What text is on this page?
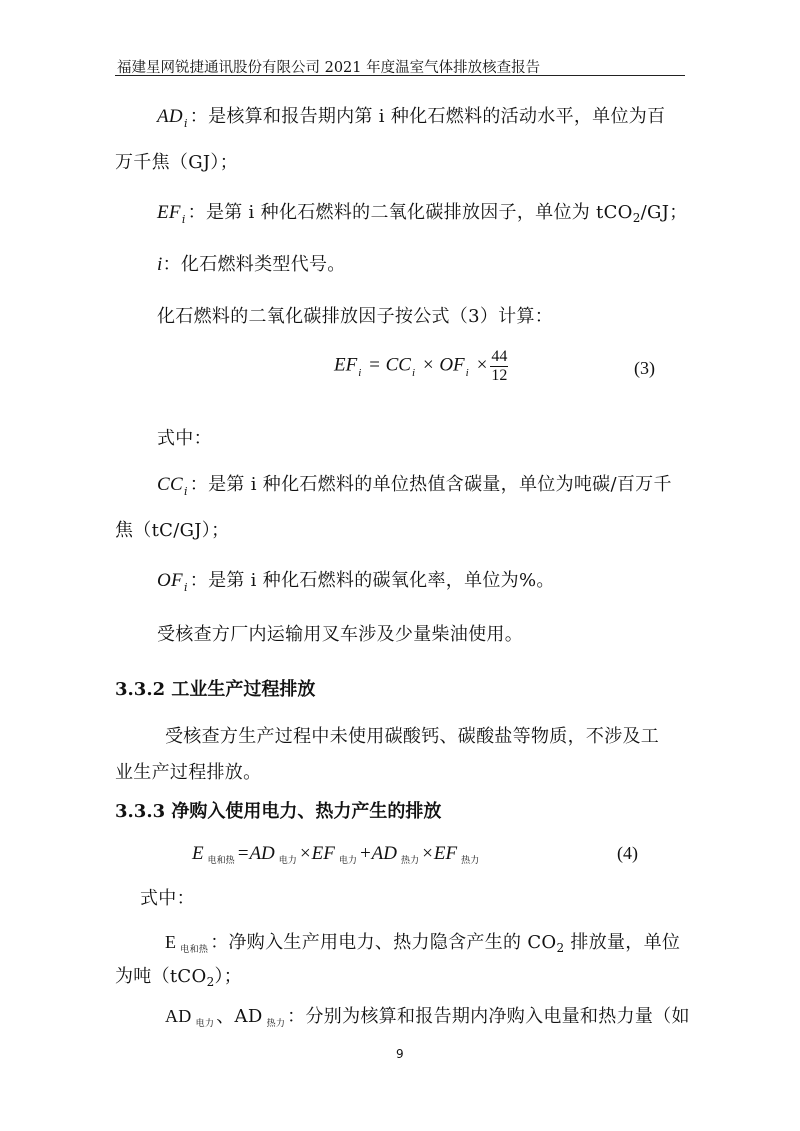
福建星网锐捷通讯股份有限公司 2021 年度温室气体排放核查报告
$AD_i$ ：是核算和报告期内第 i 种化石燃料的活动水平，单位为百
万千焦（GJ）；
$EF_i$ ：是第 i 种化石燃料的二氧化碳排放因子，单位为 tCO$_2$/GJ；
i：化石燃料类型代号。
化石燃料的二氧化碳排放因子按公式（3）计算：
$EF_i = CC_i \times OF_i \times \frac{44}{12}$	(3)
式中：
$CC_i$ ：是第 i 种化石燃料的单位热值含碳量，单位为吨碳/百万千
焦（tC/GJ）；
$OF_i$ ：是第 i 种化石燃料的碳氧化率，单位为%。
受核查方厂内运输用叉车涉及少量柴油使用。
3.3.2 工业生产过程排放
受核查方生产过程中未使用碳酸钙、碳酸盐等物质，不涉及工
业生产过程排放。
3.3.3 净购入使用电力、热力产生的排放
E $_{电和热}$ =AD $_{电力}$ ×EF $_{电力}$ +AD $_{热力}$ ×EF $_{热力}$	(4)
式中：
E $_{电和热}$ ：净购入生产用电力、热力隐含产生的 $CO_2$ 排放量，单位
为吨（tCO$_2$）；
AD $_{电力}$ 、AD $_{热力}$ ：分别为核算和报告期内净购入电量和热力量（如
9
